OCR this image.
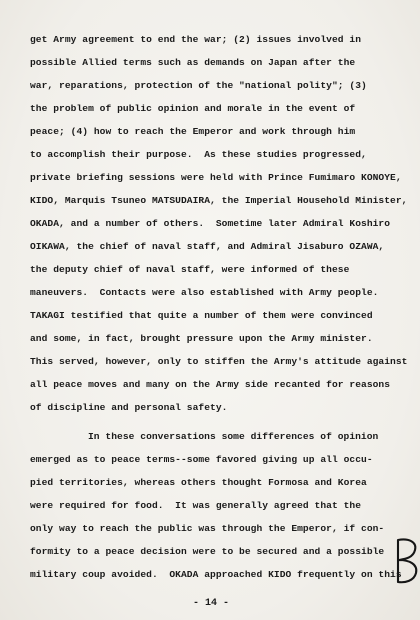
get Army agreement to end the war; (2) issues involved in
possible Allied terms such as demands on Japan after the
war, reparations, protection of the "national polity"; (3)
the problem of public opinion and morale in the event of
peace; (4) how to reach the Emperor and work through him
to accomplish their purpose.  As these studies progressed,
private briefing sessions were held with Prince Fumimaro KONOYE,
KIDO, Marquis Tsuneo MATSUDAIRA, the Imperial Household Minister,
OKADA, and a number of others.  Sometime later Admiral Koshiro
OIKAWA, the chief of naval staff, and Admiral Jisaburo OZAWA,
the deputy chief of naval staff, were informed of these
maneuvers.  Contacts were also established with Army people.
TAKAGI testified that quite a number of them were convinced
and some, in fact, brought pressure upon the Army minister.
This served, however, only to stiffen the Army's attitude against
all peace moves and many on the Army side recanted for reasons
of discipline and personal safety.
In these conversations some differences of opinion
emerged as to peace terms--some favored giving up all occu-
pied territories, whereas others thought Formosa and Korea
were required for food.  It was generally agreed that the
only way to reach the public was through the Emperor, if con-
formity to a peace decision were to be secured and a possible
military coup avoided.  OKADA approached KIDO frequently on this
- 14 -
